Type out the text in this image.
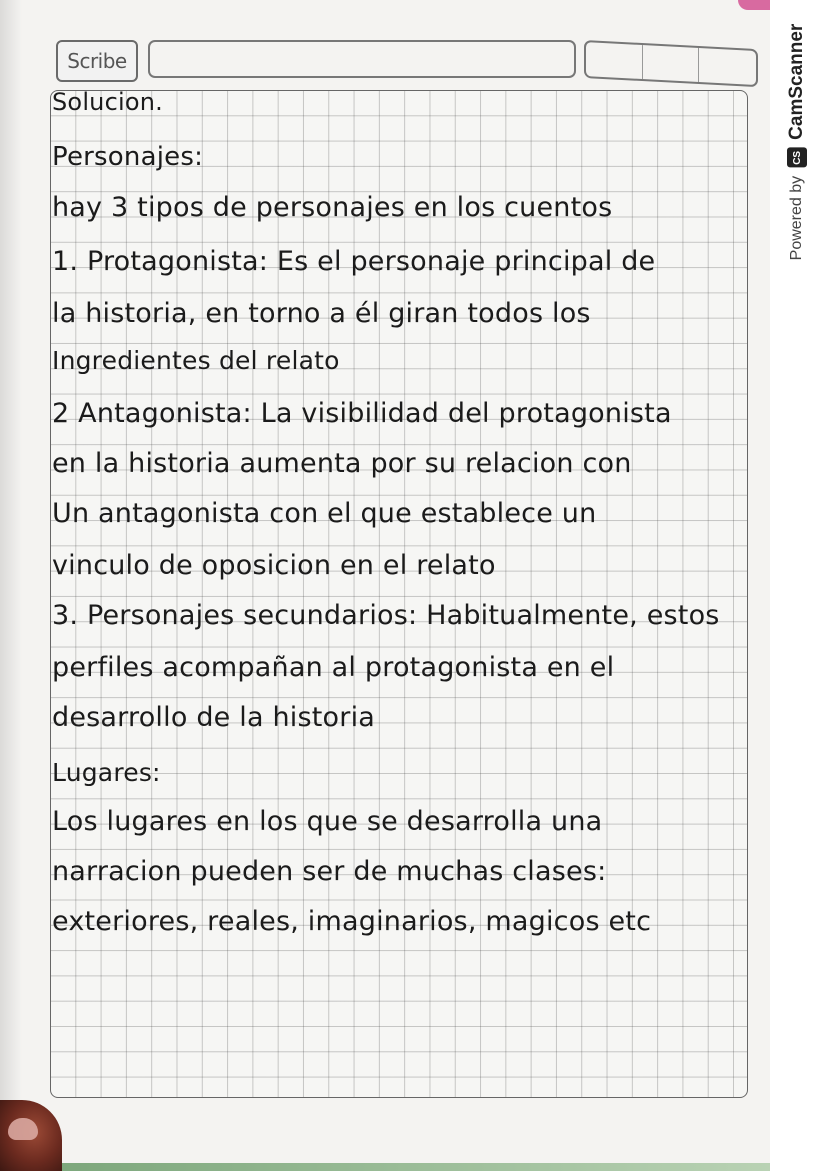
Scribe
Solucion.
Personajes:
hay 3 tipos de personajes en los cuentos
1. Protagonista: Es el personaje principal de
la historia, en torno a él giran todos los
Ingredientes del relato
2 Antagonista: La visibilidad del protagonista
en la historia aumenta por su relacion con
Un antagonista con el que establece un
vinculo de oposicion en el relato
3. Personajes secundarios: Habitualmente, estos
perfiles acompañan al protagonista en el
desarrollo de la historia
Lugares:
Los lugares en los que se desarrolla una
narracion pueden ser de muchas clases:
exteriores, reales, imaginarios, magicos etc
Powered by
CS
CamScanner
